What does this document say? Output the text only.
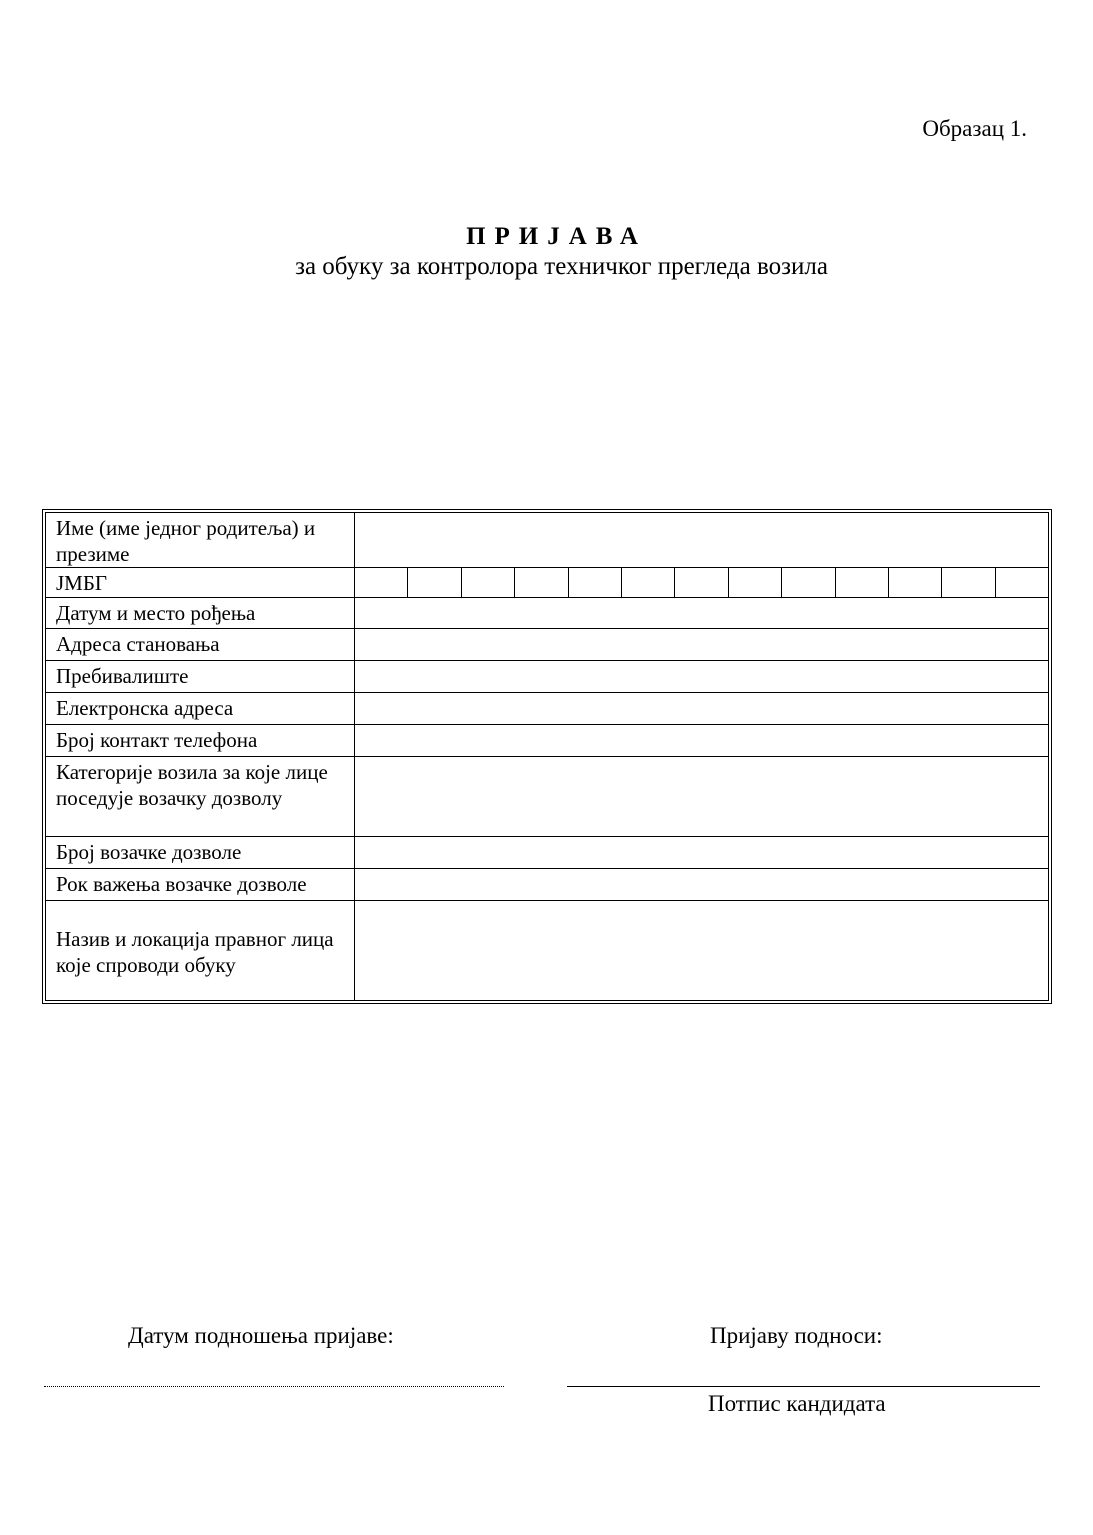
Образац 1.
ПРИЈАВА
за обуку за контролора техничког прегледа возила
Име (име једног родитеља) и презиме	
ЈМБГ	

Датум и место рођења	
Адреса становања	
Пребивалиште	
Електронска адреса	
Број контакт телефона	
Категорије возила за које лице поседује возачку дозволу	
Број возачке дозволе	
Рок важења возачке дозволе	
Назив и локација правног лица које спроводи обуку	
Датум подношења пријаве:	Пријаву подноси:
Потпис кандидата
